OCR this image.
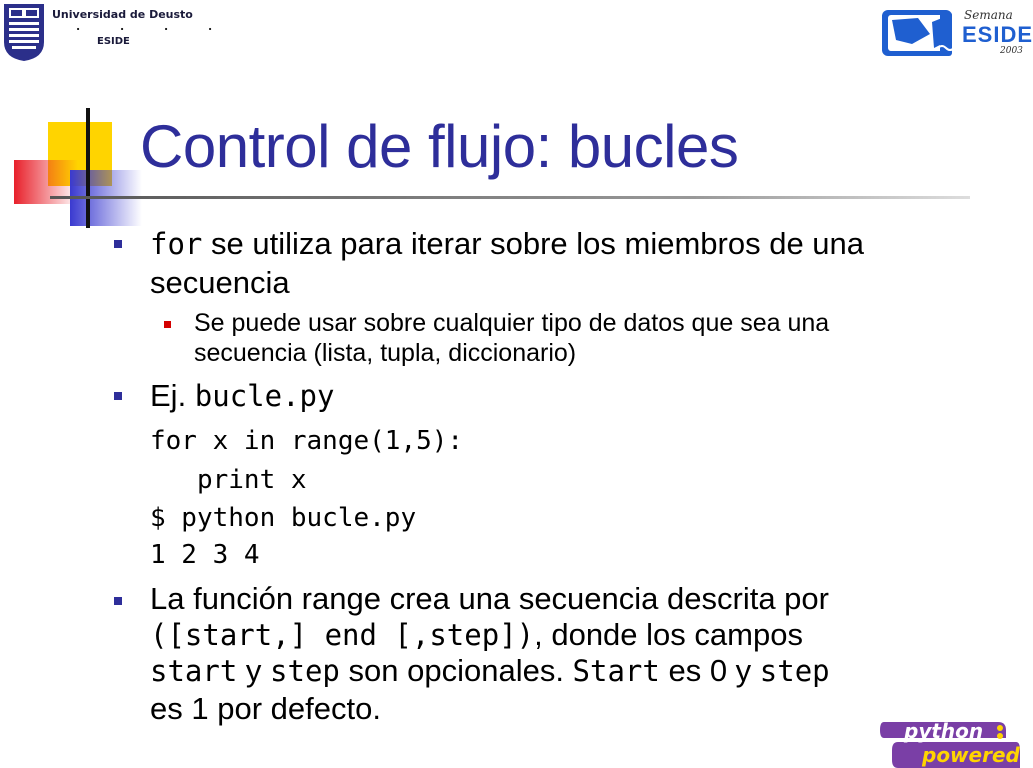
Universidad de Deusto
. . . .
ESIDE
Semana
ESIDE
2003
Control de flujo: bucles
for se utiliza para iterar sobre los miembros de una
secuencia
Se puede usar sobre cualquier tipo de datos que sea una
secuencia (lista, tupla, diccionario)
Ej. bucle.py
for x in range(1,5):
print x
$ python bucle.py
1 2 3 4
La función range crea una secuencia descrita por
([start,] end [,step]), donde los campos
start y step son opcionales. Start es 0 y step
es 1 por defecto.
python
powered
